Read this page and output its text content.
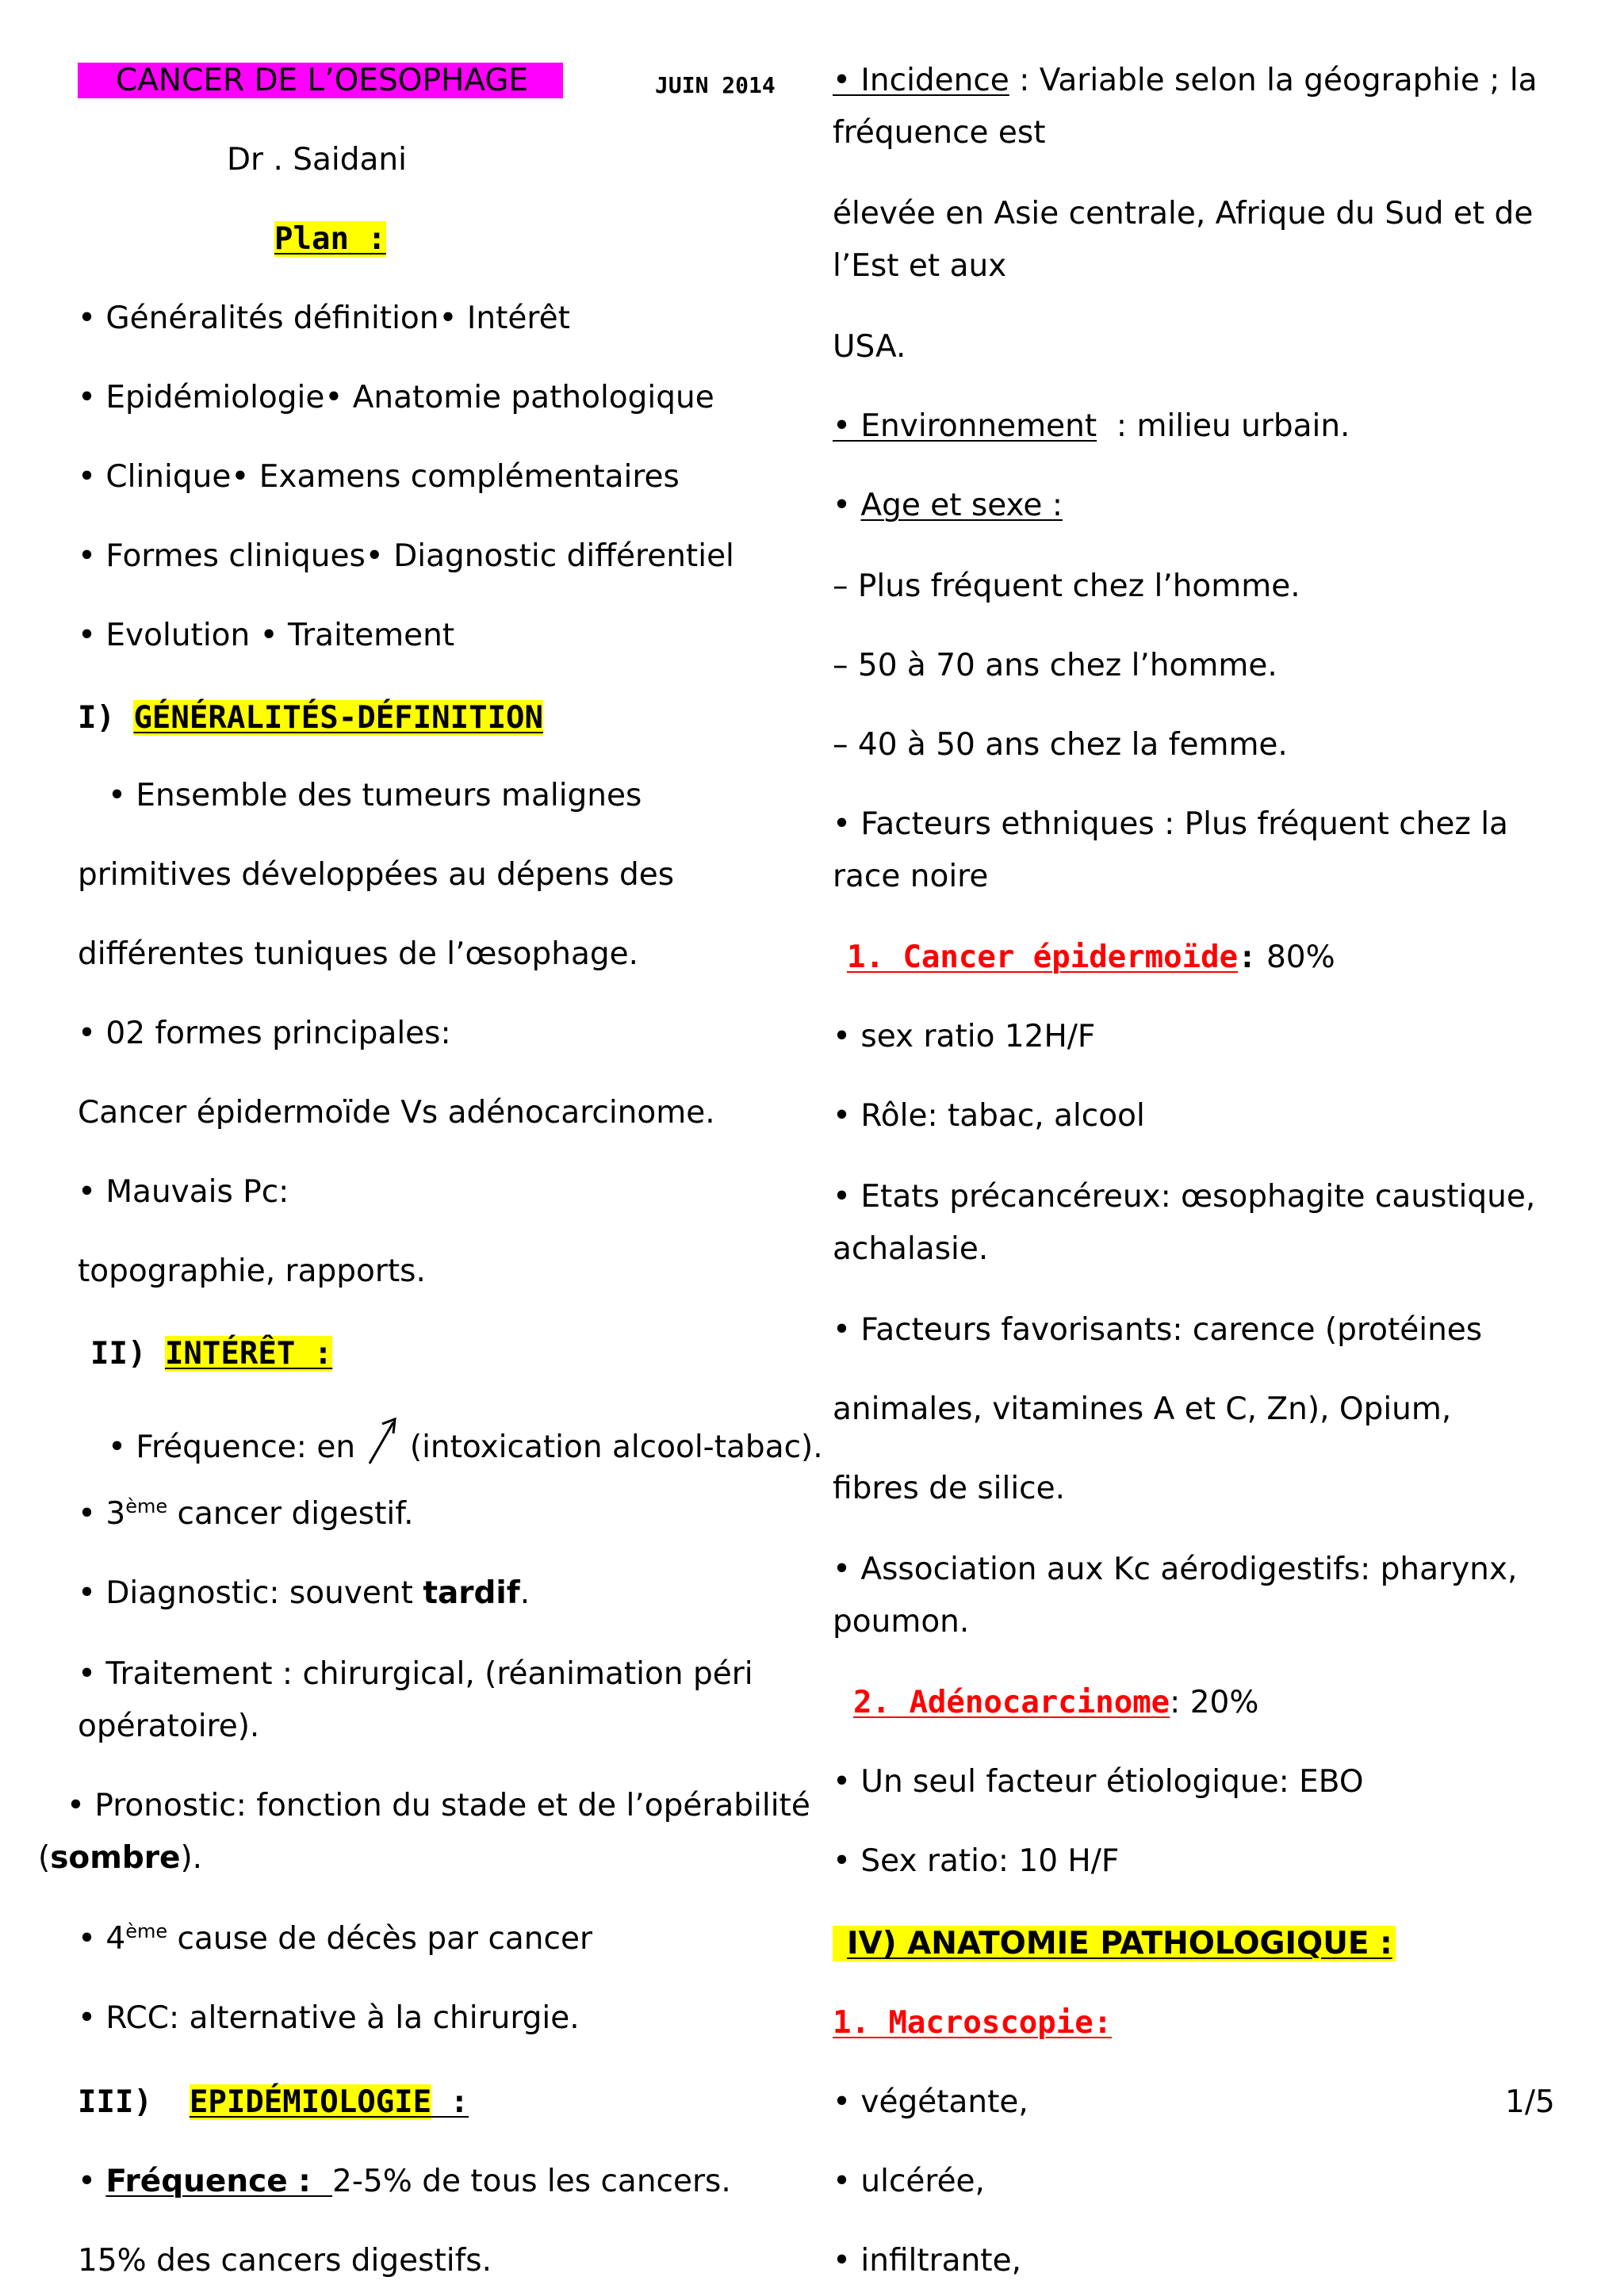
CANCER DE L’OESOPHAGE	JUIN 2014
Dr . Saidani
Plan :
• Généralités définition• Intérêt
• Epidémiologie• Anatomie pathologique
• Clinique• Examens complémentaires
• Formes cliniques• Diagnostic différentiel
• Evolution • Traitement
I) GÉNÉRALITÉS-DÉFINITION
• Ensemble des tumeurs malignes
primitives développées au dépens des
différentes tuniques de l’œsophage.
• 02 formes principales:
Cancer épidermoïde Vs adénocarcinome.
• Mauvais Pc:
topographie, rapports.
II) INTÉRÊT :
• Fréquence: en (intoxication alcool-tabac).
• 3ème cancer digestif.
• Diagnostic: souvent tardif.
• Traitement : chirurgical, (réanimation péri
opératoire).
• Pronostic: fonction du stade et de l’opérabilité
(sombre).
• 4ème cause de décès par cancer
• RCC: alternative à la chirurgie.
III) EPIDÉMIOLOGIE :
• Fréquence :  2-5% de tous les cancers.
15% des cancers digestifs.
• Incidence : Variable selon la géographie ; la
fréquence est
élevée en Asie centrale, Afrique du Sud et de
l’Est et aux
USA.
• Environnement  : milieu urbain.
• Age et sexe :
– Plus fréquent chez l’homme.
– 50 à 70 ans chez l’homme.
– 40 à 50 ans chez la femme.
• Facteurs ethniques : Plus fréquent chez la
race noire
1. Cancer épidermoïde: 80%
• sex ratio 12H/F
• Rôle: tabac, alcool
• Etats précancéreux: œsophagite caustique,
achalasie.
• Facteurs favorisants: carence (protéines
animales, vitamines A et C, Zn), Opium,
fibres de silice.
• Association aux Kc aérodigestifs: pharynx,
poumon.
2. Adénocarcinome: 20%
• Un seul facteur étiologique: EBO
• Sex ratio: 10 H/F
IV) ANATOMIE PATHOLOGIQUE :
1. Macroscopie:
• végétante,
• ulcérée,
• infiltrante,
1/5
